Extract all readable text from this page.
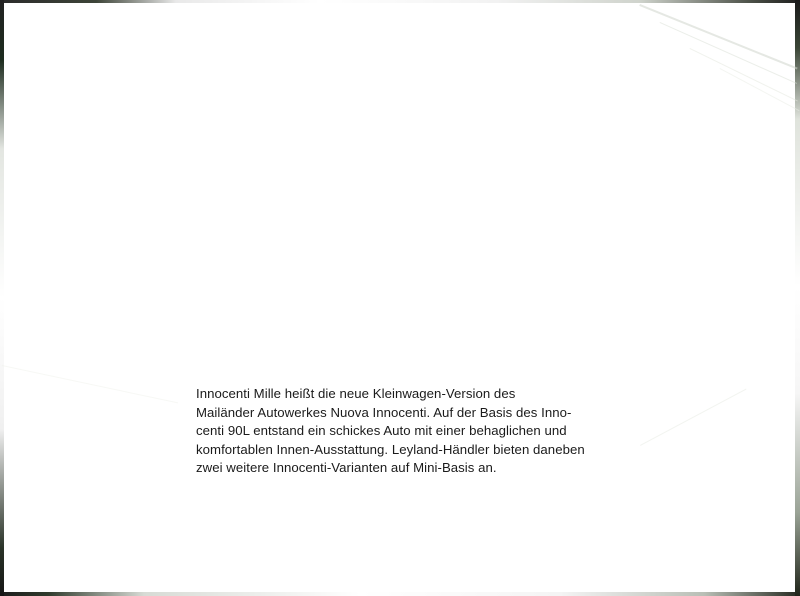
Innocenti Mille heißt die neue Kleinwagen-Version des

Mailänder Autowerkes Nuova Innocenti. Auf der Basis des Inno-

centi 90L entstand ein schickes Auto mit einer behaglichen und

komfortablen Innen-Ausstattung. Leyland-Händler bieten daneben

zwei weitere Innocenti-Varianten auf Mini-Basis an.
